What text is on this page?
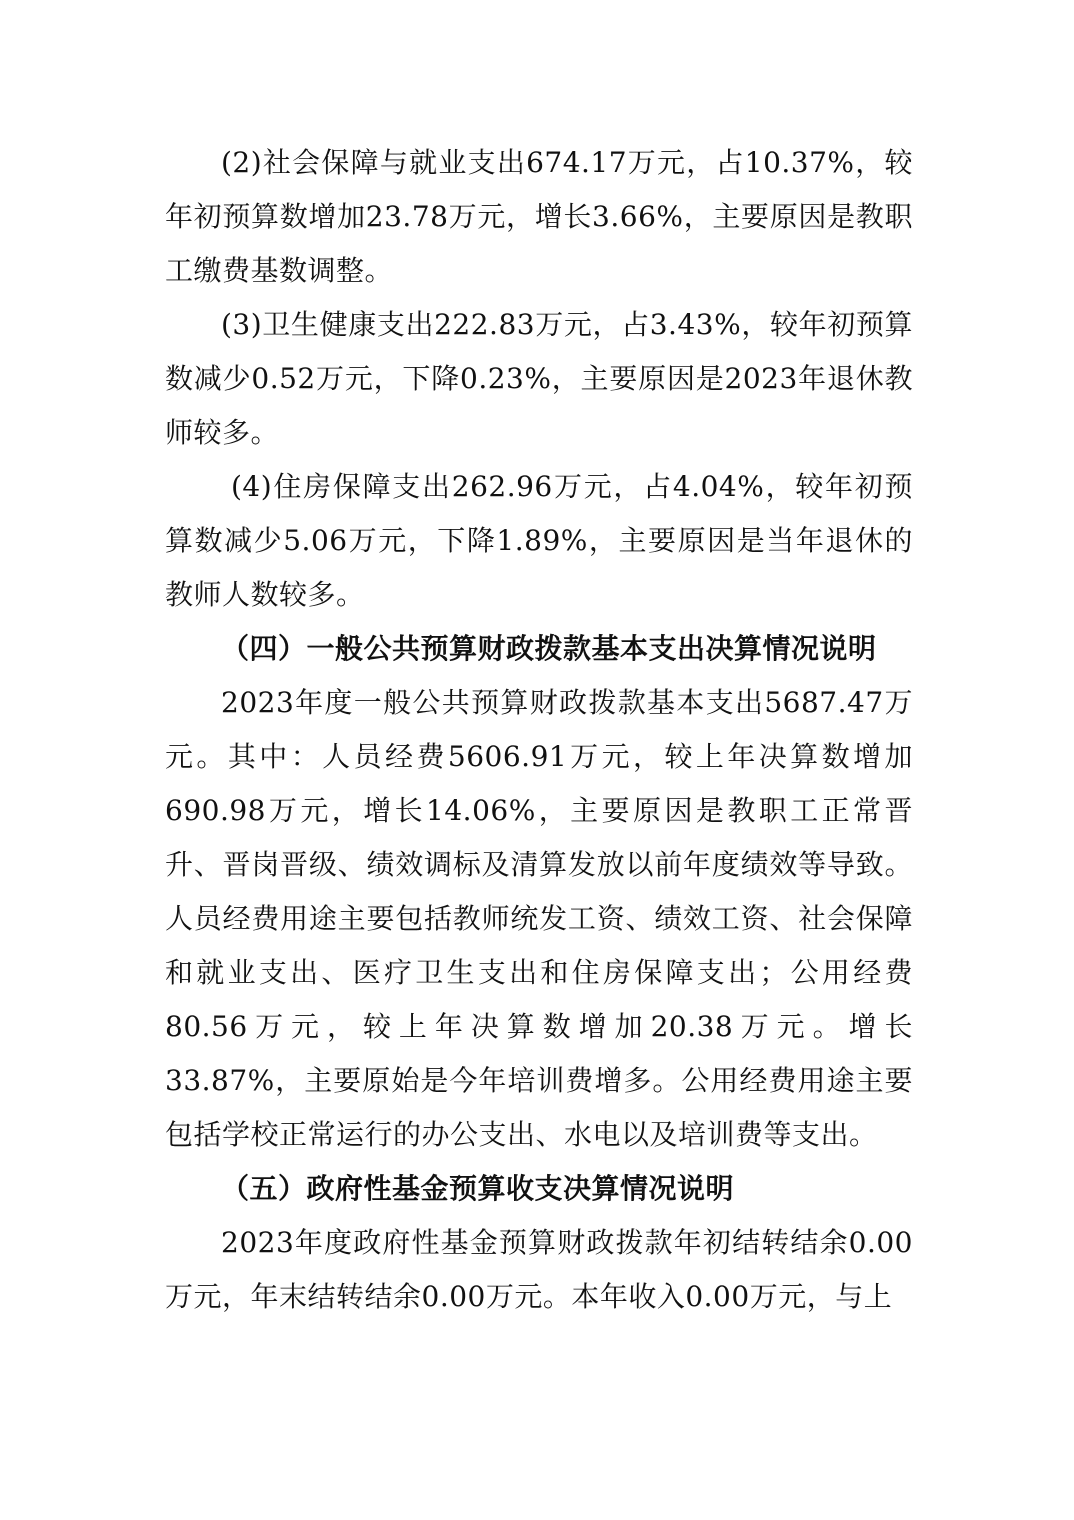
(2)社会保障与就业支出674.17万元，占10.37%，较年初预算数增加23.78万元，增长3.66%，主要原因是教职工缴费基数调整。

(3)卫生健康支出222.83万元，占3.43%，较年初预算数减少0.52万元，下降0.23%，主要原因是2023年退休教师较多。

(4)住房保障支出262.96万元，占4.04%，较年初预算数减少5.06万元，下降1.89%，主要原因是当年退休的教师人数较多。

（四）一般公共预算财政拨款基本支出决算情况说明

2023年度一般公共预算财政拨款基本支出5687.47万元。其中：人员经费5606.91万元，较上年决算数增加690.98万元，增长14.06%，主要原因是教职工正常晋升、晋岗晋级、绩效调标及清算发放以前年度绩效等导致。人员经费用途主要包括教师统发工资、绩效工资、社会保障和就业支出、医疗卫生支出和住房保障支出；公用经费80.56万元，较上年决算数增加20.38万元。增长33.87%，主要原始是今年培训费增多。公用经费用途主要包括学校正常运行的办公支出、水电以及培训费等支出。

（五）政府性基金预算收支决算情况说明

2023年度政府性基金预算财政拨款年初结转结余0.00万元，年末结转结余0.00万元。本年收入0.00万元，与上
